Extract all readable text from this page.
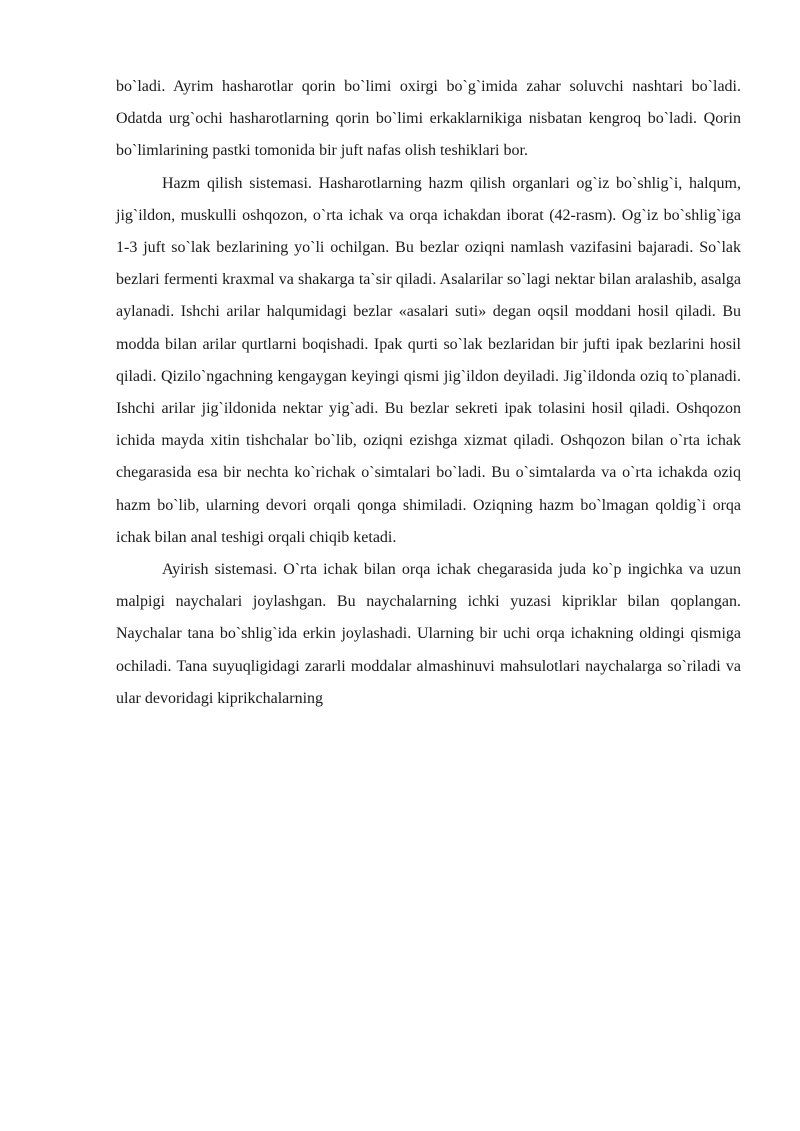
bo`ladi. Ayrim hasharotlar qorin bo`limi oxirgi bo`g`imida zahar soluvchi nashtari bo`ladi. Odatda urg`ochi hasharotlarning qorin bo`limi erkaklarnikiga nisbatan kengroq bo`ladi. Qorin bo`limlarining pastki tomonida bir juft nafas olish teshiklari bor.

Hazm qilish sistemasi. Hasharotlarning hazm qilish organlari og`iz bo`shlig`i, halqum, jig`ildon, muskulli oshqozon, o`rta ichak va orqa ichakdan iborat (42-rasm). Og`iz bo`shlig`iga 1-3 juft so`lak bezlarining yo`li ochilgan. Bu bezlar oziqni namlash vazifasini bajaradi. So`lak bezlari fermenti kraxmal va shakarga ta`sir qiladi. Asalarilar so`lagi nektar bilan aralashib, asalga aylanadi. Ishchi arilar halqumidagi bezlar «asalari suti» degan oqsil moddani hosil qiladi. Bu modda bilan arilar qurtlarni boqishadi. Ipak qurti so`lak bezlaridan bir jufti ipak bezlarini hosil qiladi. Qizilo`ngachning kengaygan keyingi qismi jig`ildon deyiladi. Jig`ildonda oziq to`planadi. Ishchi arilar jig`ildonida nektar yig`adi. Bu bezlar sekreti ipak tolasini hosil qiladi. Oshqozon ichida mayda xitin tishchalar bo`lib, oziqni ezishga xizmat qiladi. Oshqozon bilan o`rta ichak chegarasida esa bir nechta ko`richak o`simtalari bo`ladi. Bu o`simtalarda va o`rta ichakda oziq hazm bo`lib, ularning devori orqali qonga shimiladi. Oziqning hazm bo`lmagan qoldig`i orqa ichak bilan anal teshigi orqali chiqib ketadi.

Ayirish sistemasi. O`rta ichak bilan orqa ichak chegarasida juda ko`p ingichka va uzun malpigi naychalari joylashgan. Bu naychalarning ichki yuzasi kipriklar bilan qoplangan. Naychalar tana bo`shlig`ida erkin joylashadi. Ularning bir uchi orqa ichakning oldingi qismiga ochiladi. Tana suyuqligidagi zararli moddalar almashinuvi mahsulotlari naychalarga so`riladi va ular devoridagi kiprikchalarning
